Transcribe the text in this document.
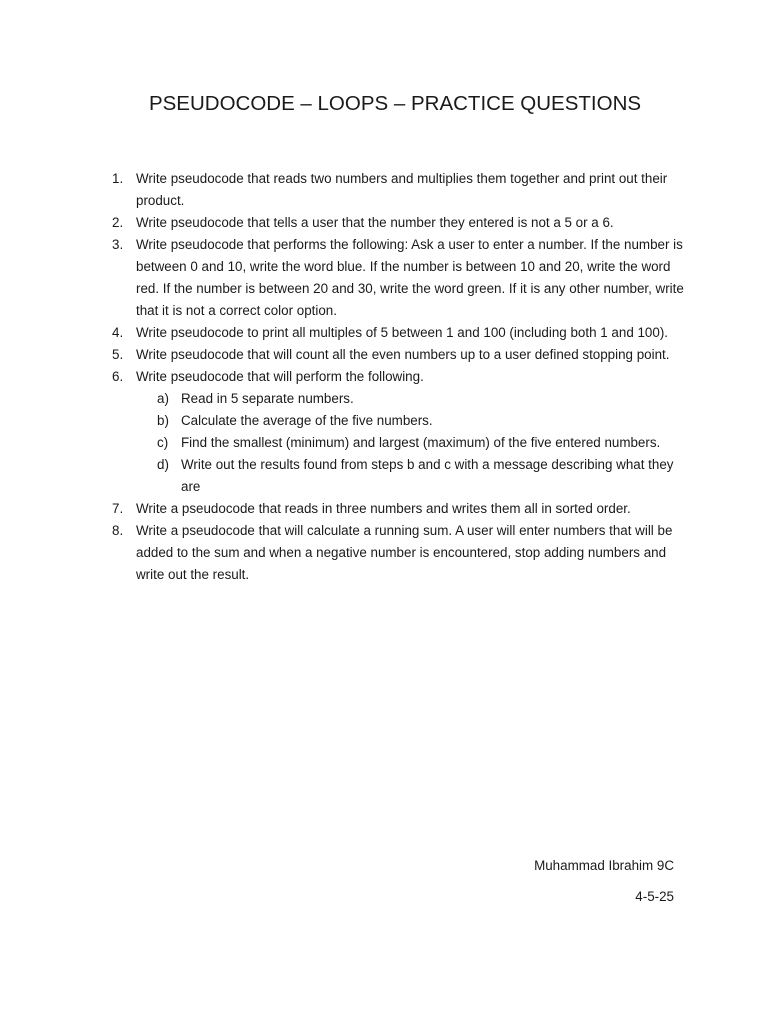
PSEUDOCODE – LOOPS – PRACTICE QUESTIONS
1. Write pseudocode that reads two numbers and multiplies them together and print out their product.
2. Write pseudocode that tells a user that the number they entered is not a 5 or a 6.
3. Write pseudocode that performs the following: Ask a user to enter a number. If the number is between 0 and 10, write the word blue. If the number is between 10 and 20, write the word red. If the number is between 20 and 30, write the word green. If it is any other number, write that it is not a correct color option.
4. Write pseudocode to print all multiples of 5 between 1 and 100 (including both 1 and 100).
5. Write pseudocode that will count all the even numbers up to a user defined stopping point.
6. Write pseudocode that will perform the following.
a) Read in 5 separate numbers.
b) Calculate the average of the five numbers.
c) Find the smallest (minimum) and largest (maximum) of the five entered numbers.
d) Write out the results found from steps b and c with a message describing what they are
7. Write a pseudocode that reads in three numbers and writes them all in sorted order.
8. Write a pseudocode that will calculate a running sum. A user will enter numbers that will be added to the sum and when a negative number is encountered, stop adding numbers and write out the result.

Muhammad Ibrahim 9C

4-5-25
